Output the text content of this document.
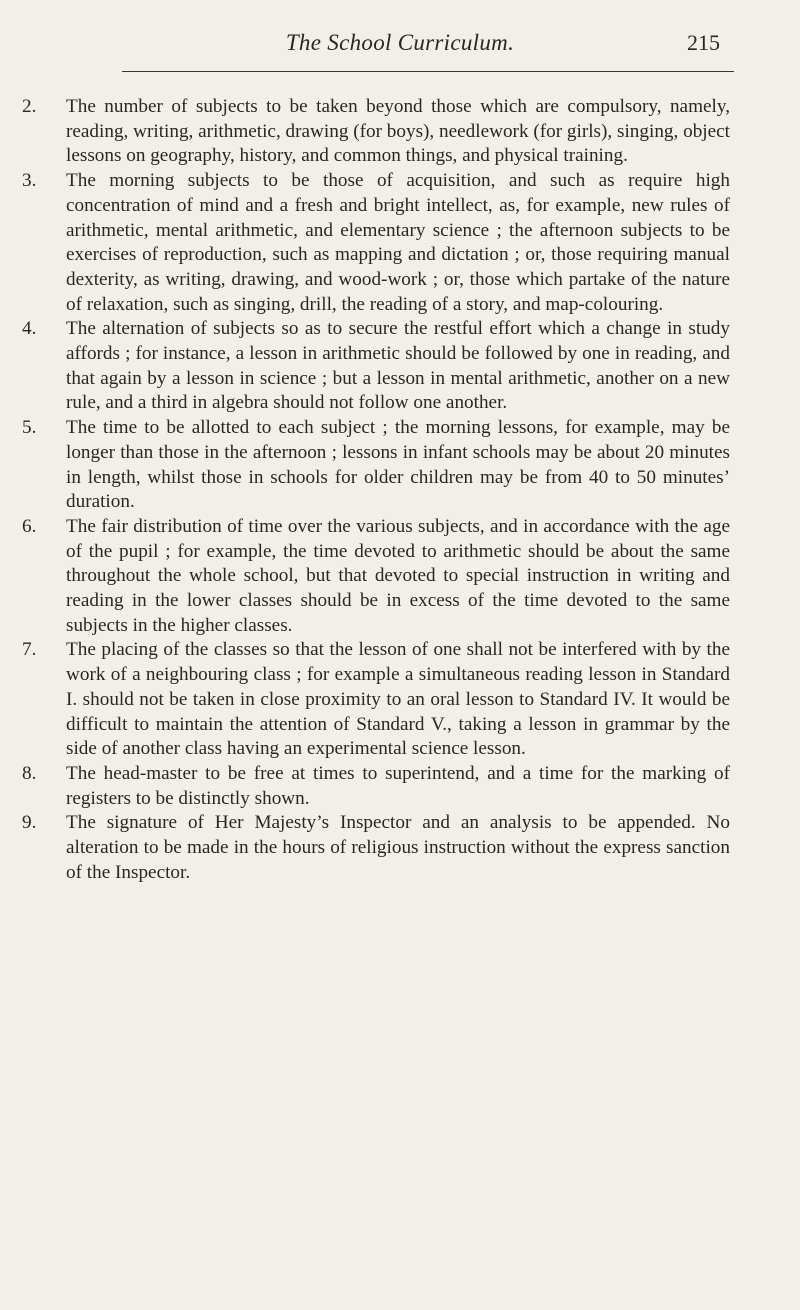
The School Curriculum.	215
2.	The number of subjects to be taken beyond those which are compulsory, namely, reading, writing, arithmetic, drawing (for boys), needlework (for girls), singing, object lessons on geography, history, and common things, and physical training.
3.	The morning subjects to be those of acquisition, and such as require high concentration of mind and a fresh and bright intellect, as, for example, new rules of arithmetic, mental arithmetic, and elementary science ; the afternoon subjects to be exercises of reproduction, such as mapping and dictation ; or, those requiring manual dexterity, as writing, drawing, and wood-work ; or, those which partake of the nature of relaxation, such as singing, drill, the reading of a story, and map-colouring.
4.	The alternation of subjects so as to secure the restful effort which a change in study affords ; for instance, a lesson in arithmetic should be followed by one in reading, and that again by a lesson in science ; but a lesson in mental arithmetic, another on a new rule, and a third in algebra should not follow one another.
5.	The time to be allotted to each subject ; the morning lessons, for example, may be longer than those in the afternoon ; lessons in infant schools may be about 20 minutes in length, whilst those in schools for older children may be from 40 to 50 minutes’ duration.
6.	The fair distribution of time over the various subjects, and in accordance with the age of the pupil ; for example, the time devoted to arithmetic should be about the same throughout the whole school, but that devoted to special instruction in writing and reading in the lower classes should be in excess of the time devoted to the same subjects in the higher classes.
7.	The placing of the classes so that the lesson of one shall not be interfered with by the work of a neighbouring class ; for example a simultaneous reading lesson in Standard I. should not be taken in close proximity to an oral lesson to Standard IV. It would be difficult to maintain the attention of Standard V., taking a lesson in grammar by the side of another class having an experimental science lesson.
8.	The head-master to be free at times to superintend, and a time for the marking of registers to be distinctly shown.
9.	The signature of Her Majesty’s Inspector and an analysis to be appended. No alteration to be made in the hours of religious instruction without the express sanction of the Inspector.
